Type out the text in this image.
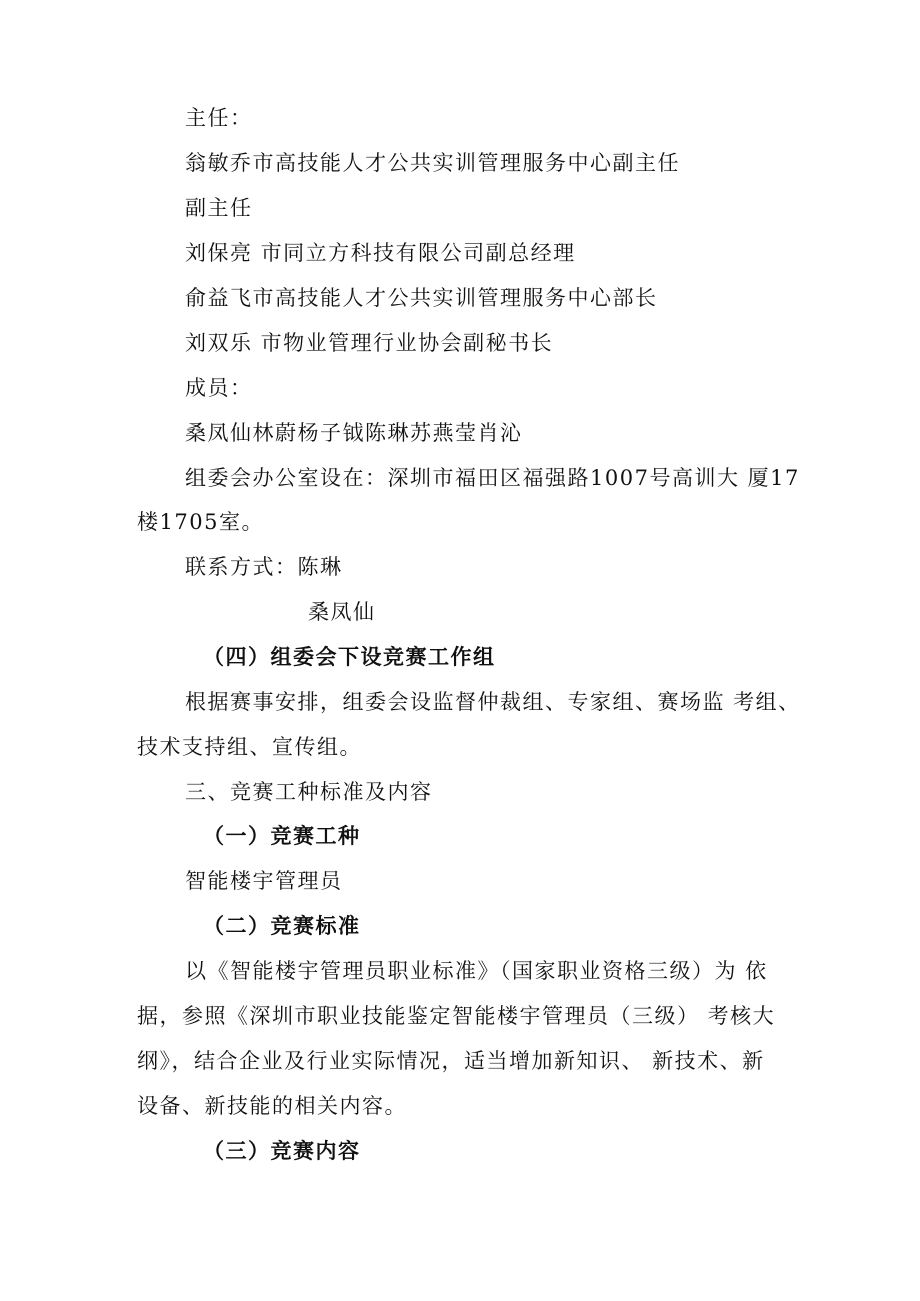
主任：
翁敏乔市高技能人才公共实训管理服务中心副主任
副主任
刘保亮 市同立方科技有限公司副总经理
俞益飞市高技能人才公共实训管理服务中心部长
刘双乐 市物业管理行业协会副秘书长
成员：
桑凤仙林蔚杨子钺陈琳苏燕莹肖沁
组委会办公室设在：深圳市福田区福强路1007号高训大 厦17
楼1705室。
联系方式：陈琳
桑凤仙
（四）组委会下设竞赛工作组
根据赛事安排，组委会设监督仲裁组、专家组、赛场监 考组、
技术支持组、宣传组。
三、竞赛工种标准及内容
（一）竞赛工种
智能楼宇管理员
（二）竞赛标准
以《智能楼宇管理员职业标准》（国家职业资格三级）为 依
据，参照《深圳市职业技能鉴定智能楼宇管理员（三级） 考核大
纲》，结合企业及行业实际情况，适当增加新知识、 新技术、新
设备、新技能的相关内容。
（三）竞赛内容
